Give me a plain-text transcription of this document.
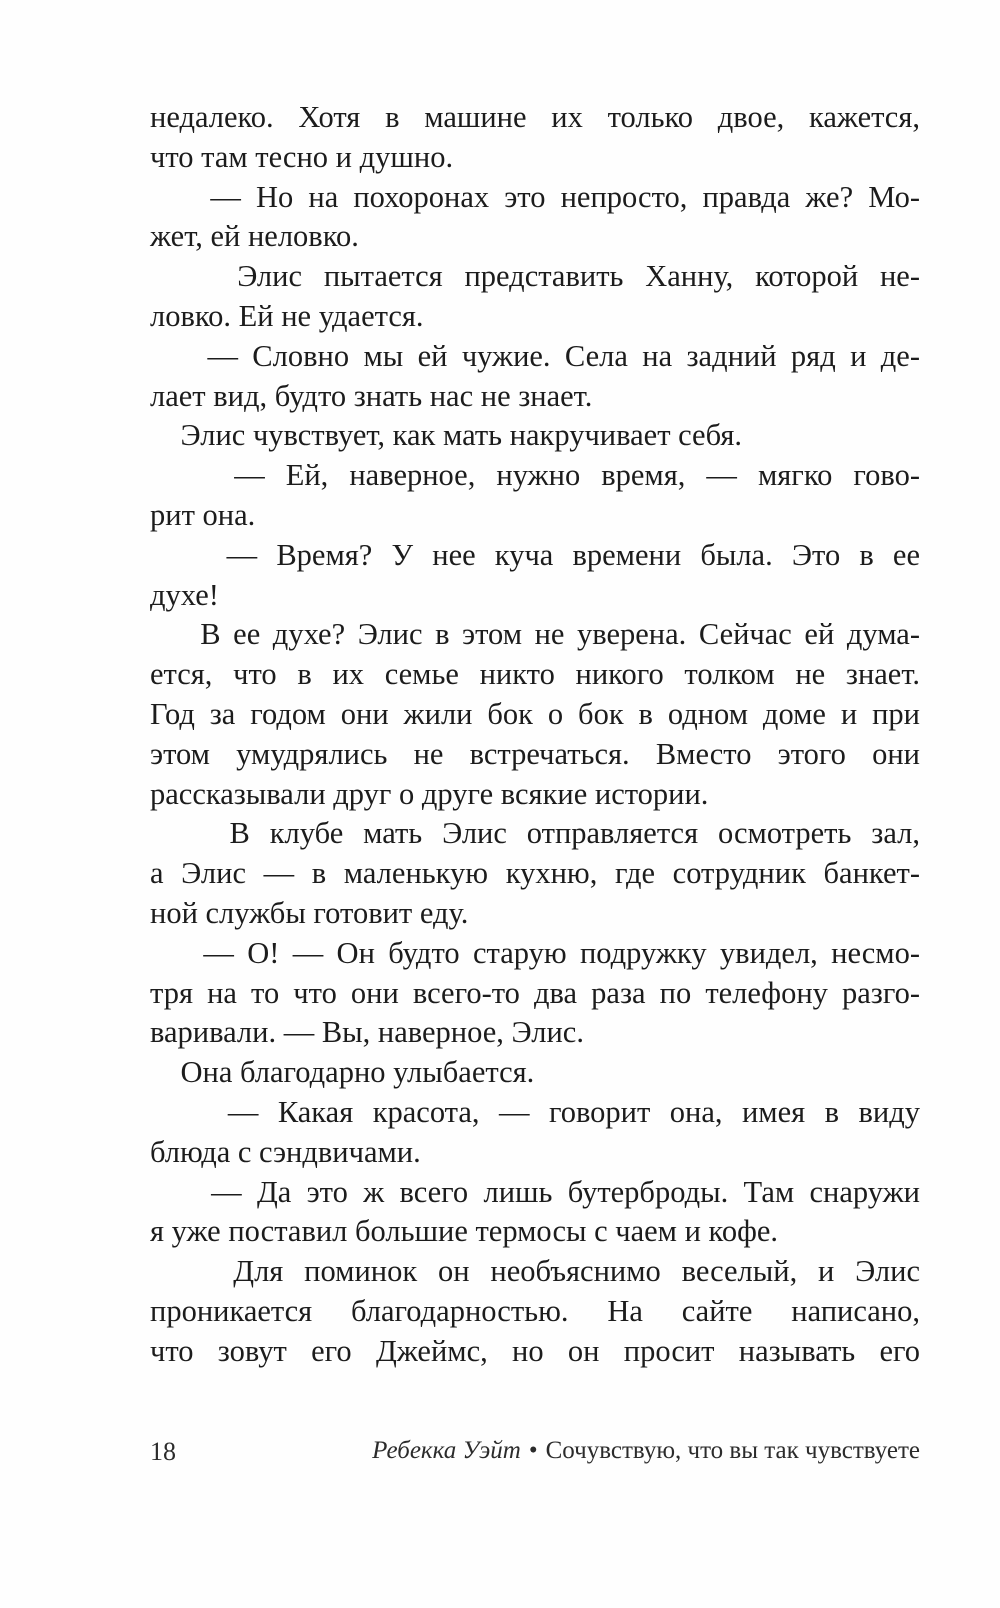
недалеко. Хотя в машине их только двое, кажется,
что там тесно и душно.
— Но на похоронах это непросто, правда же? Мо-
жет, ей неловко.
Элис пытается представить Ханну, которой не-
ловко. Ей не удается.
— Словно мы ей чужие. Села на задний ряд и де-
лает вид, будто знать нас не знает.
Элис чувствует, как мать накручивает себя.
— Ей, наверное, нужно время, — мягко гово-
рит она.
— Время? У нее куча времени была. Это в ее
духе!
В ее духе? Элис в этом не уверена. Сейчас ей дума-
ется, что в их семье никто никого толком не знает.
Год за годом они жили бок о бок в одном доме и при
этом умудрялись не встречаться. Вместо этого они
рассказывали друг о друге всякие истории.
В клубе мать Элис отправляется осмотреть зал,
а Элис — в маленькую кухню, где сотрудник банкет-
ной службы готовит еду.
— О! — Он будто старую подружку увидел, несмо-
тря на то что они всего-то два раза по телефону разго-
варивали. — Вы, наверное, Элис.
Она благодарно улыбается.
— Какая красота, — говорит она, имея в виду
блюда с сэндвичами.
— Да это ж всего лишь бутерброды. Там снаружи
я уже поставил большие термосы с чаем и кофе.
Для поминок он необъяснимо веселый, и Элис
проникается благодарностью. На сайте написано,
что зовут его Джеймс, но он просит называть его
18	Ребекка Уэйт • Сочувствую, что вы так чувствуете
